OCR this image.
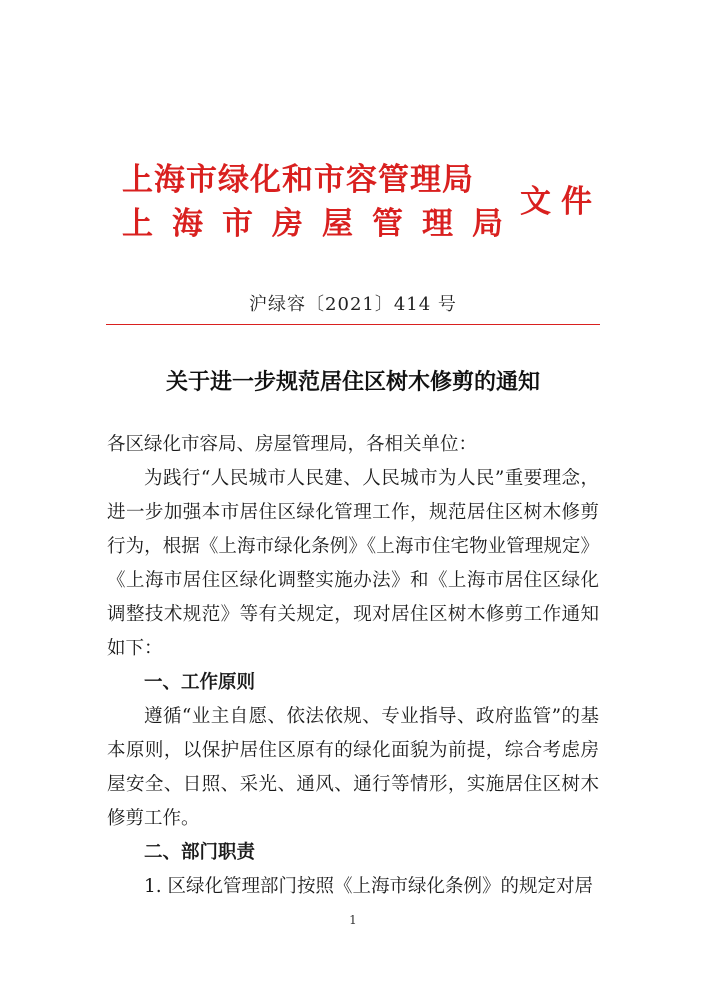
上海市绿化和市容管理局
上海市房屋管理局
文件
沪绿容〔2021〕414 号
关于进一步规范居住区树木修剪的通知

各区绿化市容局、房屋管理局，各相关单位：

为践行“人民城市人民建、人民城市为人民”重要理念，进一步加强本市居住区绿化管理工作，规范居住区树木修剪行为，根据《上海市绿化条例》《上海市住宅物业管理规定》《上海市居住区绿化调整实施办法》和《上海市居住区绿化调整技术规范》等有关规定，现对居住区树木修剪工作通知如下：

一、工作原则

遵循“业主自愿、依法依规、专业指导、政府监管”的基本原则，以保护居住区原有的绿化面貌为前提，综合考虑房屋安全、日照、采光、通风、通行等情形，实施居住区树木修剪工作。

二、部门职责

1. 区绿化管理部门按照《上海市绿化条例》的规定对居

1
